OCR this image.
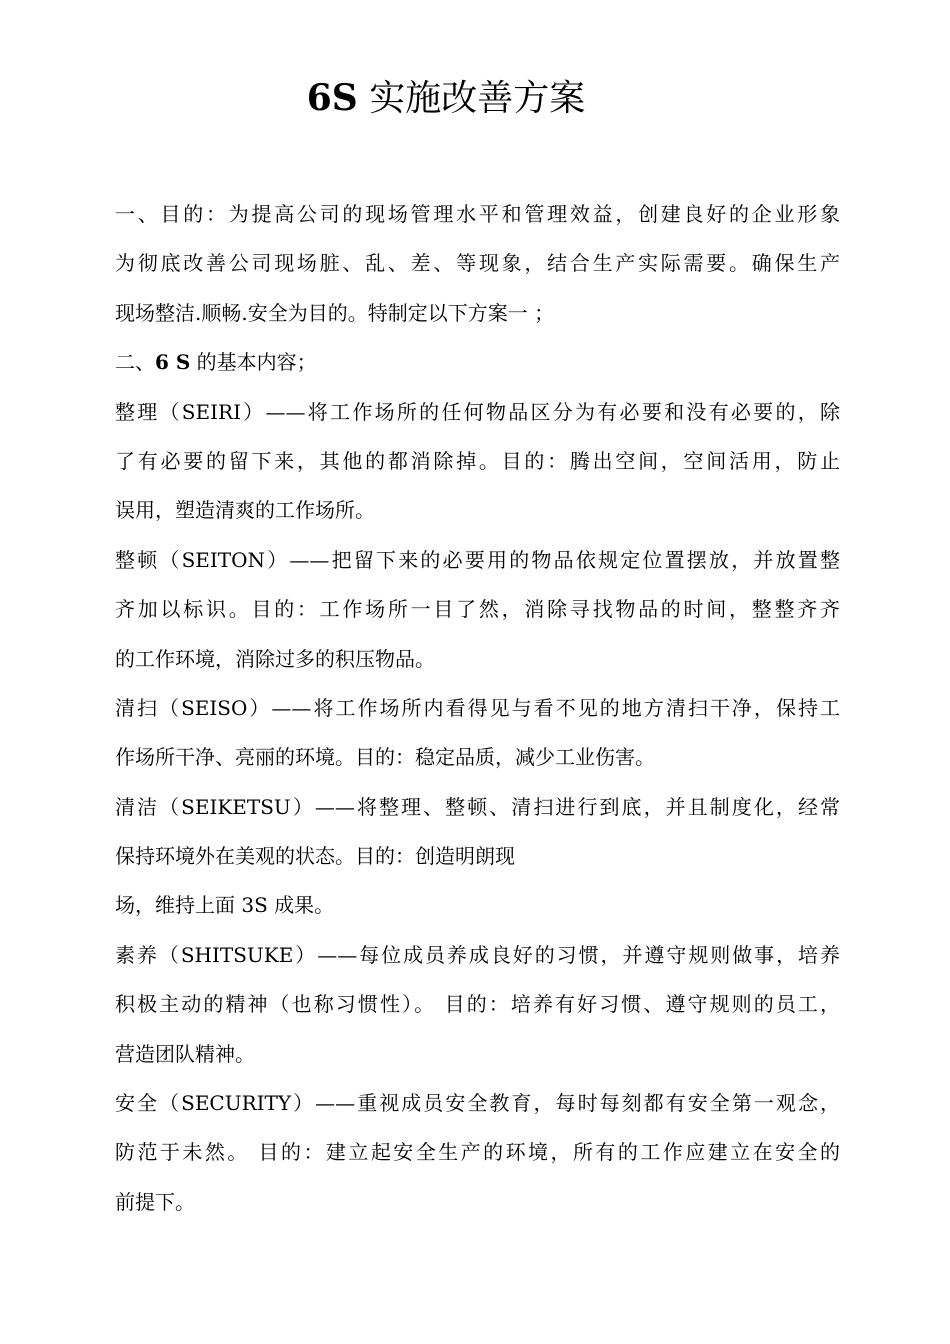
6S 实施改善方案
一、目的：为提高公司的现场管理水平和管理效益，创建良好的企业形象
为彻底改善公司现场脏、乱、差、等现象，结合生产实际需要。确保生产
现场整洁.顺畅.安全为目的。特制定以下方案一 ；
二、6 S 的基本内容；
整理（SEIRI）——将工作场所的任何物品区分为有必要和没有必要的，除
了有必要的留下来，其他的都消除掉。目的：腾出空间，空间活用，防止
误用，塑造清爽的工作场所。
整顿（SEITON）——把留下来的必要用的物品依规定位置摆放，并放置整
齐加以标识。目的：工作场所一目了然，消除寻找物品的时间，整整齐齐
的工作环境，消除过多的积压物品。
清扫（SEISO）——将工作场所内看得见与看不见的地方清扫干净，保持工
作场所干净、亮丽的环境。目的：稳定品质，减少工业伤害。
清洁（SEIKETSU）——将整理、整顿、清扫进行到底，并且制度化，经常
保持环境外在美观的状态。目的：创造明朗现
场，维持上面 3S 成果。
素养（SHITSUKE）——每位成员养成良好的习惯，并遵守规则做事，培养
积极主动的精神（也称习惯性）。 目的：培养有好习惯、遵守规则的员工，
营造团队精神。
安全（SECURITY）——重视成员安全教育，每时每刻都有安全第一观念，
防范于未然。 目的：建立起安全生产的环境，所有的工作应建立在安全的
前提下。
